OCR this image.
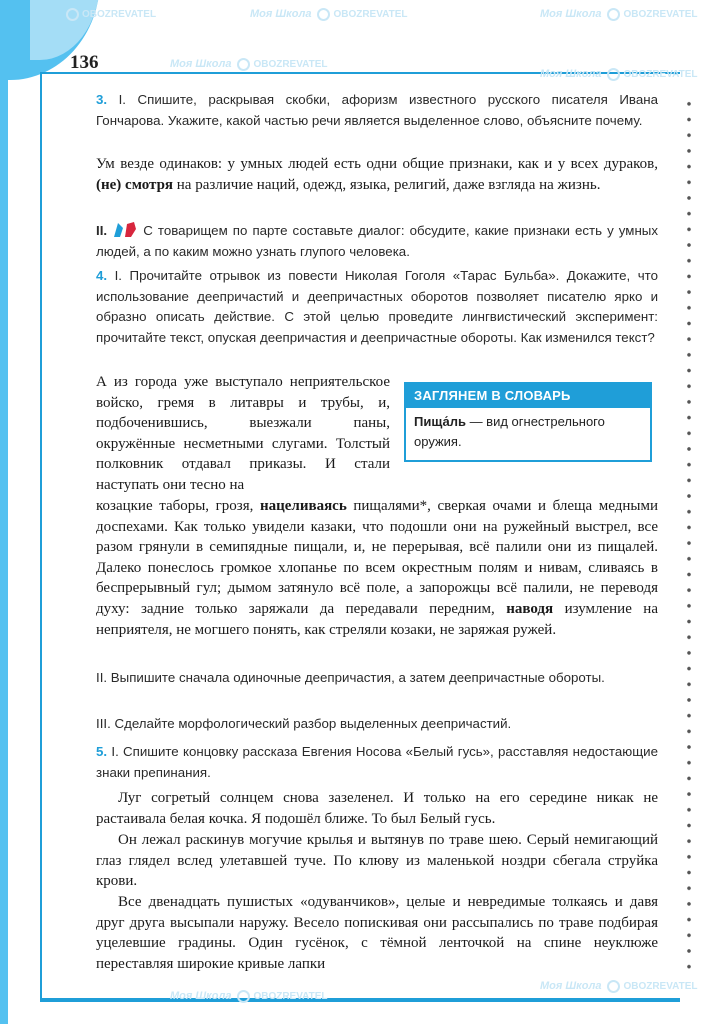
136
OBOZREVATEL	Моя Школа OBOZREVATEL	Моя Школа OBOZREVATEL
Моя Школа OBOZREVATEL
Моя Школа OBOZREVATEL
Моя Школа OBOZREVATEL
Моя Школа OBOZREVATEL

3. I. Спишите, раскрывая скобки, афоризм известного русского писателя Ивана Гончарова. Укажите, какой частью речи является выделенное слово, объясните почему.

Ум везде одинаков: у умных людей есть одни общие признаки, как и у всех дураков, (не) смотря на различие наций, одежд, языка, религий, даже взгляда на жизнь.

II.	С товарищем по парте составьте диалог: обсудите, какие признаки есть у умных людей, а по каким можно узнать глупого человека.

4. I. Прочитайте отрывок из повести Николая Гоголя «Тарас Бульба». Докажите, что использование деепричастий и деепричастных оборотов позволяет писателю ярко и образно описать действие. С этой целью проведите лингвистический эксперимент: прочитайте текст, опуская деепричастия и деепричастные обороты. Как изменился текст?

А из города уже выступало неприятельское войско, гремя в литавры и трубы, и, подбоченившись, выезжали паны, окружённые несметными слугами. Толстый полковник отдавал приказы. И стали наступать они тесно на

ЗАГЛЯНЕМ В СЛОВАРЬ
Пища́ль — вид огнестрельного оружия.

козацкие таборы, грозя, нацеливаясь пищалями*, сверкая очами и блеща медными доспехами. Как только увидели казаки, что подошли они на ружейный выстрел, все разом грянули в семипядные пищали, и, не перерывая, всё палили они из пищалей. Далеко понеслось громкое хлопанье по всем окрестным полям и нивам, сливаясь в беспрерывный гул; дымом затянуло всё поле, а запорожцы всё палили, не переводя духу: задние только заряжали да передавали передним, наводя изумление на неприятеля, не могшего понять, как стреляли козаки, не заряжая ружей.

II. Выпишите сначала одиночные деепричастия, а затем деепричастные обороты.

III. Сделайте морфологический разбор выделенных деепричастий.

5. I. Спишите концовку рассказа Евгения Носова «Белый гусь», расставляя недостающие знаки препинания.

Луг согретый солнцем снова зазеленел. И только на его середине никак не растаивала белая кочка. Я подошёл ближе. То был Белый гусь.

Он лежал раскинув могучие крылья и вытянув по траве шею. Серый немигающий глаз глядел вслед улетавшей туче. По клюву из маленькой ноздри сбегала струйка крови.

Все двенадцать пушистых «одуванчиков», целые и невредимые толкаясь и давя друг друга высыпали наружу. Весело попискивая они рассыпались по траве подбирая уцелевшие градины. Один гусёнок, с тёмной ленточкой на спине неуклюже переставляя широкие кривые лапки
